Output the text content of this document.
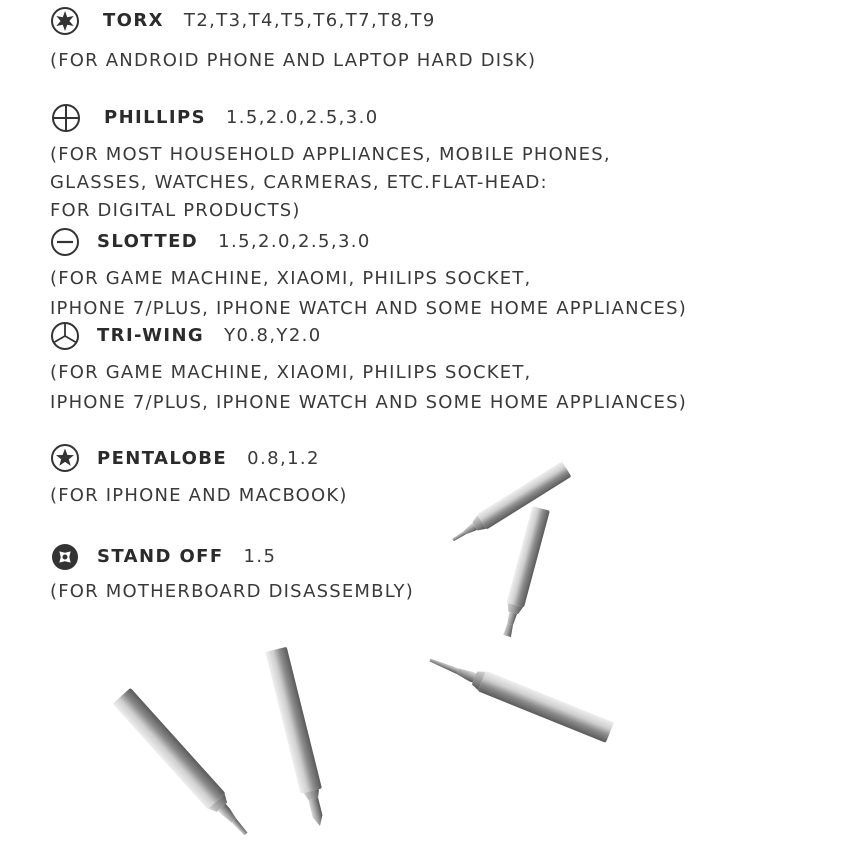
TORX T2,T3,T4,T5,T6,T7,T8,T9
(FOR ANDROID PHONE AND LAPTOP HARD DISK)
PHILLIPS 1.5,2.0,2.5,3.0
(FOR MOST HOUSEHOLD APPLIANCES, MOBILE PHONES,
GLASSES, WATCHES, CARMERAS, ETC.FLAT-HEAD:
FOR DIGITAL PRODUCTS)
SLOTTED 1.5,2.0,2.5,3.0
(FOR GAME MACHINE, XIAOMI, PHILIPS SOCKET,
IPHONE 7/PLUS, IPHONE WATCH AND SOME HOME APPLIANCES)
TRI-WING Y0.8,Y2.0
(FOR GAME MACHINE, XIAOMI, PHILIPS SOCKET,
IPHONE 7/PLUS, IPHONE WATCH AND SOME HOME APPLIANCES)
PENTALOBE 0.8,1.2
(FOR IPHONE AND MACBOOK)
STAND OFF 1.5
(FOR MOTHERBOARD DISASSEMBLY)
